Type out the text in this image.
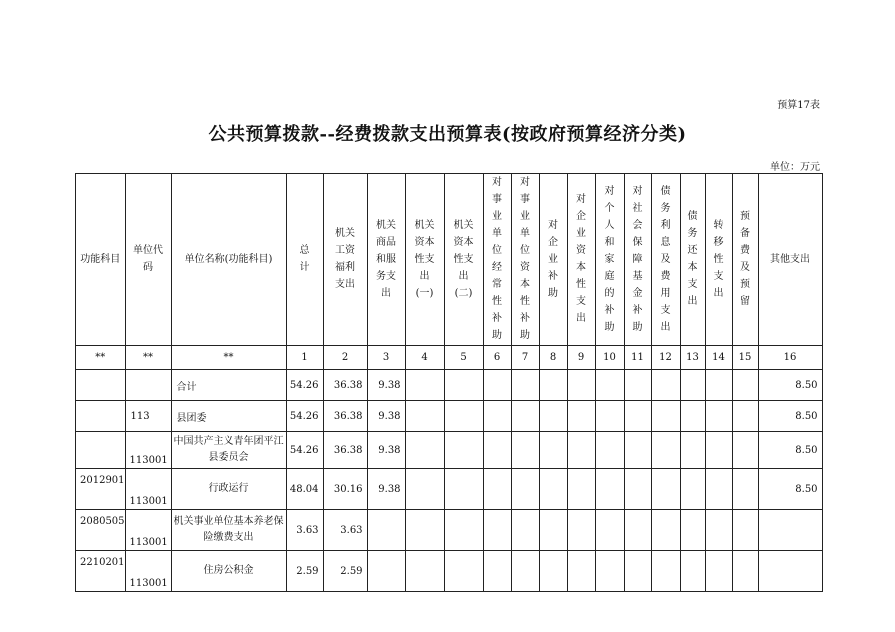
预算17表
公共预算拨款--经费拨款支出预算表(按政府预算经济分类)
单位：万元
功能科目	单位代码	单位名称(功能科目)	总计	机关工资福利支出	机关商品和服务支出	机关资本性支出(一)	机关资本性支出(二)	对事业单位经常性补助	对事业单位资本性补助	对企业补助	对企业资本性支出	对个人和家庭的补助	对社会保障基金补助	债务利息及费用支出	债务还本支出	转移性支出	预备费及预留	其他支出
**	**	**	1	2	3	4	5	6	7	8	9	10	11	12	13	14	15	16
		合计	54.26	36.38	9.38													8.50
	113	县团委	54.26	36.38	9.38													8.50
	113001	中国共产主义青年团平江县委员会	54.26	36.38	9.38													8.50
2012901	113001	行政运行	48.04	30.16	9.38													8.50
2080505	113001	机关事业单位基本养老保险缴费支出	3.63	3.63														
2210201	113001	住房公积金	2.59	2.59														
